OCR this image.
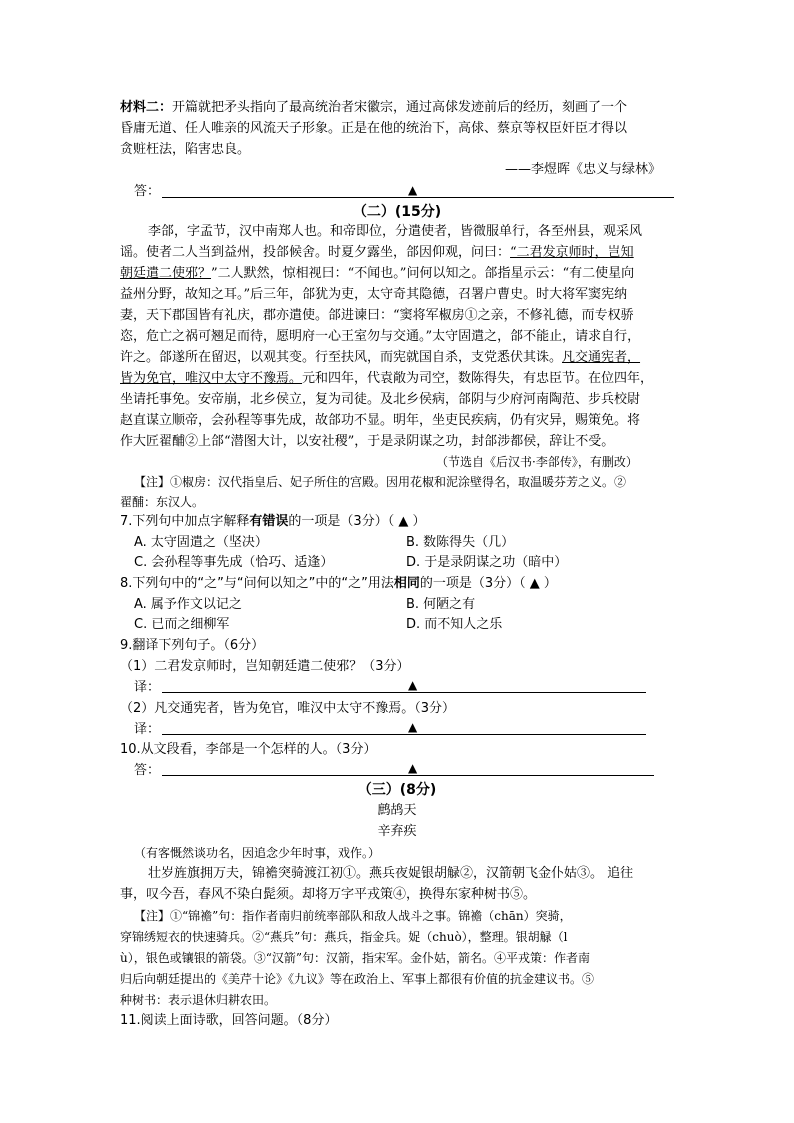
材料二：开篇就把矛头指向了最高统治者宋徽宗，通过高俅发迹前后的经历，刻画了一个
昏庸无道、任人唯亲的风流天子形象。正是在他的统治下，高俅、蔡京等权臣奸臣才得以
贪赃枉法，陷害忠良。
——李煜晖《忠义与绿林》
答：	▲
（二）(15分)
李郃，字孟节，汉中南郑人也。和帝即位，分遣使者，皆微服单行，各至州县，观采风
谣。使者二人当到益州，投郃候舍。时夏夕露坐，郃因仰观，问曰：“二君发京师时，岂知
朝廷遣二使邪？”二人默然，惊相视曰：“不闻也。”问何以知之。郃指星示云：“有二使星向
益州分野，故知之耳。”后三年，郃犹为吏，太守奇其隐德，召署户曹史。时大将军窦宪纳
妻，天下郡国皆有礼庆，郡亦遣使。郃进谏曰：“窦将军椒房①之亲，不修礼德，而专权骄
恣，危亡之祸可翘足而待，愿明府一心王室勿与交通。”太守固遣之，郃不能止，请求自行，
许之。郃遂所在留迟，以观其变。行至扶风，而宪就国自杀，支党悉伏其诛。凡交通宪者，
皆为免官，唯汉中太守不豫焉。元和四年，代袁敞为司空，数陈得失，有忠臣节。在位四年，
坐请托事免。安帝崩，北乡侯立，复为司徒。及北乡侯病，郃阴与少府河南陶范、步兵校尉
赵直谋立顺帝，会孙程等事先成，故郃功不显。明年，坐吏民疾病，仍有灾异，赐策免。将
作大匠翟酺②上郃“潜图大计，以安社稷”，于是录阴谋之功，封郃涉都侯，辞让不受。
（节选自《后汉书·李郃传》，有删改）
【注】①椒房：汉代指皇后、妃子所住的宫殿。因用花椒和泥涂壁得名，取温暖芬芳之义。②
翟酺：东汉人。
7.下列句中加点字解释有错误的一项是（3分）（ ▲ ）
A. 太守固遣之（坚决）	B. 数陈得失（几）
C. 会孙程等事先成（恰巧、适逢）	D. 于是录阴谋之功（暗中）
8.下列句中的“之”与“问何以知之”中的“之”用法相同的一项是（3分）（ ▲ ）
A. 属予作文以记之	B. 何陋之有
C. 已而之细柳军	D. 而不知人之乐
9.翻译下列句子。（6分）
（1）二君发京师时，岂知朝廷遣二使邪？（3分）
译：	▲
（2）凡交通宪者，皆为免官，唯汉中太守不豫焉。（3分）
译：	▲
10.从文段看，李郃是一个怎样的人。（3分）
答：	▲
（三）(8分)
鹧鸪天
辛弃疾
（有客慨然谈功名，因追念少年时事，戏作。）
壮岁旌旗拥万夫，锦襜突骑渡江初①。燕兵夜娖银胡觮②，汉箭朝飞金仆姑③。 追往
事，叹今吾，春风不染白髭须。却将万字平戎策④，换得东家种树书⑤。
【注】①“锦襜”句：指作者南归前统率部队和敌人战斗之事。锦襜（chān）突骑，
穿锦绣短衣的快速骑兵。②“燕兵”句：燕兵，指金兵。娖（chuò），整理。银胡觮（l
ù），银色或镶银的箭袋。③“汉箭”句：汉箭，指宋军。金仆姑，箭名。④平戎策：作者南
归后向朝廷提出的《美芹十论》《九议》等在政治上、军事上都很有价值的抗金建议书。⑤
种树书：表示退休归耕农田。
11.阅读上面诗歌，回答问题。（8分）
